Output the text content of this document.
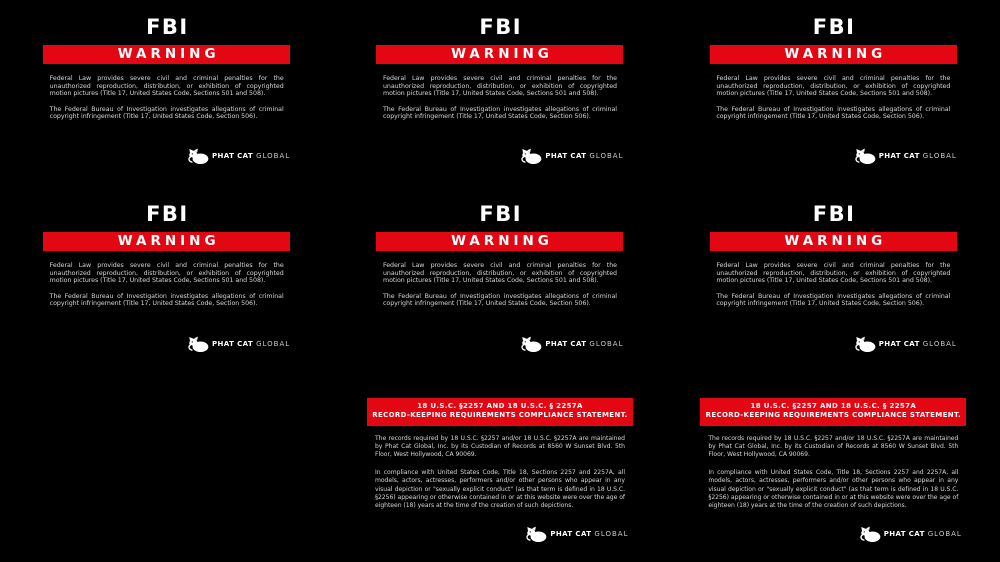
FBI
WARNING

Federal Law provides severe civil and criminal penalties for the unauthorized reproduction, distribution, or exhibition of copyrighted motion pictures (Title 17, United States Code, Sections 501 and 508).

The Federal Bureau of Investigation investigates allegations of criminal copyright infringement (Title 17, United States Code, Section 506).

PHAT CAT GLOBAL
FBI
WARNING

Federal Law provides severe civil and criminal penalties for the unauthorized reproduction, distribution, or exhibition of copyrighted motion pictures (Title 17, United States Code, Sections 501 and 508).

The Federal Bureau of Investigation investigates allegations of criminal copyright infringement (Title 17, United States Code, Section 506).

PHAT CAT GLOBAL
FBI
WARNING

Federal Law provides severe civil and criminal penalties for the unauthorized reproduction, distribution, or exhibition of copyrighted motion pictures (Title 17, United States Code, Sections 501 and 508).

The Federal Bureau of Investigation investigates allegations of criminal copyright infringement (Title 17, United States Code, Section 506).

PHAT CAT GLOBAL
FBI
WARNING

Federal Law provides severe civil and criminal penalties for the unauthorized reproduction, distribution, or exhibition of copyrighted motion pictures (Title 17, United States Code, Sections 501 and 508).

The Federal Bureau of Investigation investigates allegations of criminal copyright infringement (Title 17, United States Code, Section 506).

PHAT CAT GLOBAL
FBI
WARNING

Federal Law provides severe civil and criminal penalties for the unauthorized reproduction, distribution, or exhibition of copyrighted motion pictures (Title 17, United States Code, Sections 501 and 508).

The Federal Bureau of Investigation investigates allegations of criminal copyright infringement (Title 17, United States Code, Section 506).

PHAT CAT GLOBAL
FBI
WARNING

Federal Law provides severe civil and criminal penalties for the unauthorized reproduction, distribution, or exhibition of copyrighted motion pictures (Title 17, United States Code, Sections 501 and 508).

The Federal Bureau of Investigation investigates allegations of criminal copyright infringement (Title 17, United States Code, Section 506).

PHAT CAT GLOBAL
18 U.S.C. §2257 AND 18 U.S.C. § 2257A
RECORD-KEEPING REQUIREMENTS COMPLIANCE STATEMENT.

The records required by 18 U.S.C. §2257 and/or 18 U.S.C. §2257A are maintained by Phat Cat Global, Inc. by its Custodian of Records at 8560 W Sunset Blvd. 5th Floor, West Hollywood, CA 90069.

In compliance with United States Code, Title 18, Sections 2257 and 2257A, all models, actors, actresses, performers and/or other persons who appear in any visual depiction or "sexually explicit conduct" (as that term is defined in 18 U.S.C. §2256) appearing or otherwise contained in or at this website were over the age of eighteen (18) years at the time of the creation of such depictions.

PHAT CAT GLOBAL
18 U.S.C. §2257 AND 18 U.S.C. § 2257A
RECORD-KEEPING REQUIREMENTS COMPLIANCE STATEMENT.

The records required by 18 U.S.C. §2257 and/or 18 U.S.C. §2257A are maintained by Phat Cat Global, Inc. by its Custodian of Records at 8560 W Sunset Blvd. 5th Floor, West Hollywood, CA 90069.

In compliance with United States Code, Title 18, Sections 2257 and 2257A, all models, actors, actresses, performers and/or other persons who appear in any visual depiction or "sexually explicit conduct" (as that term is defined in 18 U.S.C. §2256) appearing or otherwise contained in or at this website were over the age of eighteen (18) years at the time of the creation of such depictions.

PHAT CAT GLOBAL
